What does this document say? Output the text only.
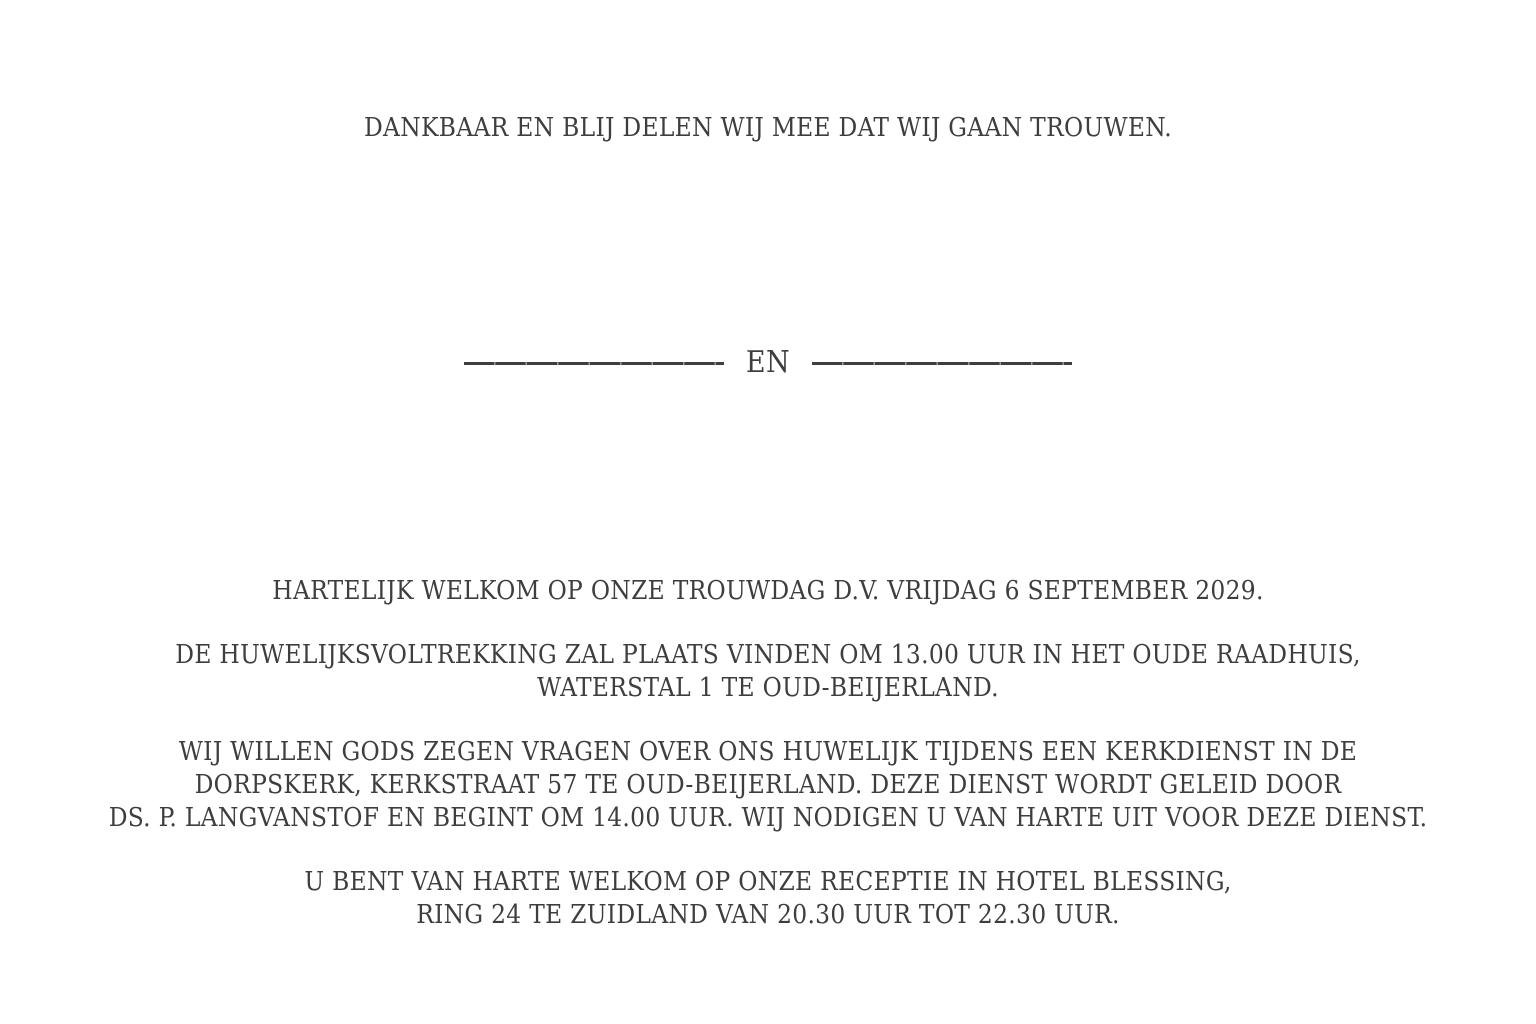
DANKBAAR EN BLIJ DELEN WIJ MEE DAT WIJ GAAN TROUWEN.
EN

HARTELIJK WELKOM OP ONZE TROUWDAG D.V. VRIJDAG 6 SEPTEMBER 2029.

DE HUWELIJKSVOLTREKKING ZAL PLAATS VINDEN OM 13.00 UUR IN HET OUDE RAADHUIS,
WATERSTAL 1 TE OUD-BEIJERLAND.

WIJ WILLEN GODS ZEGEN VRAGEN OVER ONS HUWELIJK TIJDENS EEN KERKDIENST IN DE
DORPSKERK, KERKSTRAAT 57 TE OUD-BEIJERLAND. DEZE DIENST WORDT GELEID DOOR
DS. P. LANGVANSTOF EN BEGINT OM 14.00 UUR. WIJ NODIGEN U VAN HARTE UIT VOOR DEZE DIENST.

U BENT VAN HARTE WELKOM OP ONZE RECEPTIE IN HOTEL BLESSING,
RING 24 TE ZUIDLAND VAN 20.30 UUR TOT 22.30 UUR.
